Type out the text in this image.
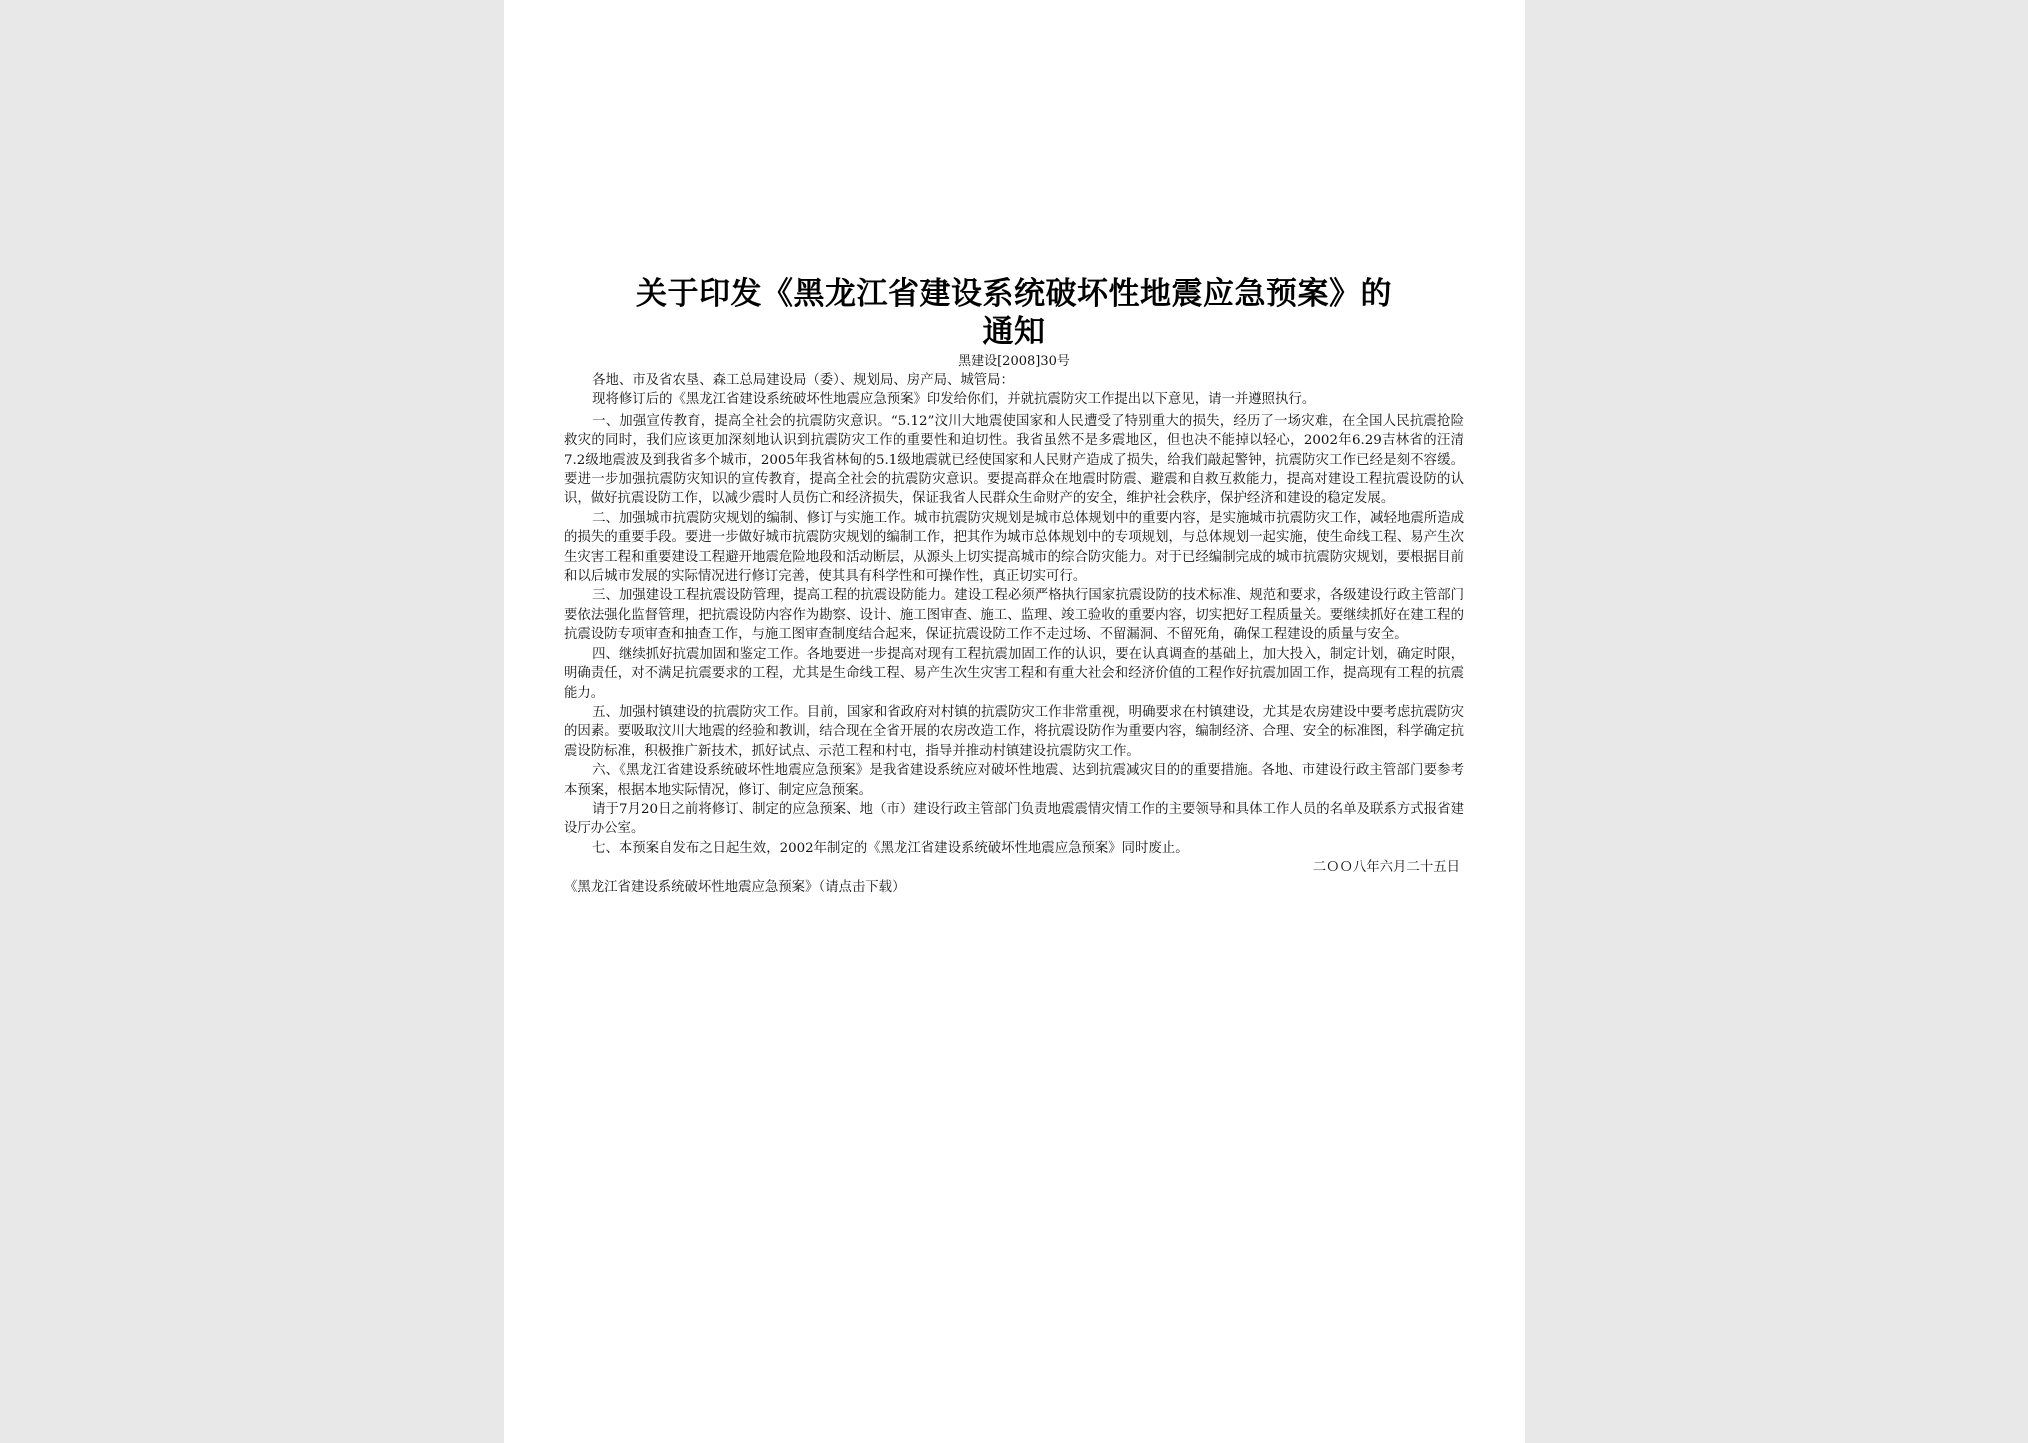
关于印发《黑龙江省建设系统破坏性地震应急预案》的
通知

黑建设[2008]30号

各地、市及省农垦、森工总局建设局（委）、规划局、房产局、城管局：

现将修订后的《黑龙江省建设系统破坏性地震应急预案》印发给你们，并就抗震防灾工作提出以下意见，请一并遵照执行。

一、加强宣传教育，提高全社会的抗震防灾意识。“5.12”汶川大地震使国家和人民遭受了特别重大的损失，经历了一场灾难，在全国人民抗震抢险救灾的同时，我们应该更加深刻地认识到抗震防灾工作的重要性和迫切性。我省虽然不是多震地区，但也决不能掉以轻心，2002年6.29吉林省的汪清7.2级地震波及到我省多个城市，2005年我省林甸的5.1级地震就已经使国家和人民财产造成了损失，给我们敲起警钟，抗震防灾工作已经是刻不容缓。要进一步加强抗震防灾知识的宣传教育，提高全社会的抗震防灾意识。要提高群众在地震时防震、避震和自救互救能力，提高对建设工程抗震设防的认识，做好抗震设防工作，以减少震时人员伤亡和经济损失，保证我省人民群众生命财产的安全，维护社会秩序，保护经济和建设的稳定发展。

二、加强城市抗震防灾规划的编制、修订与实施工作。城市抗震防灾规划是城市总体规划中的重要内容，是实施城市抗震防灾工作，减轻地震所造成的损失的重要手段。要进一步做好城市抗震防灾规划的编制工作，把其作为城市总体规划中的专项规划，与总体规划一起实施，使生命线工程、易产生次生灾害工程和重要建设工程避开地震危险地段和活动断层，从源头上切实提高城市的综合防灾能力。对于已经编制完成的城市抗震防灾规划，要根据目前和以后城市发展的实际情况进行修订完善，使其具有科学性和可操作性，真正切实可行。

三、加强建设工程抗震设防管理，提高工程的抗震设防能力。建设工程必须严格执行国家抗震设防的技术标准、规范和要求，各级建设行政主管部门要依法强化监督管理，把抗震设防内容作为勘察、设计、施工图审查、施工、监理、竣工验收的重要内容，切实把好工程质量关。要继续抓好在建工程的抗震设防专项审查和抽查工作，与施工图审查制度结合起来，保证抗震设防工作不走过场、不留漏洞、不留死角，确保工程建设的质量与安全。

四、继续抓好抗震加固和鉴定工作。各地要进一步提高对现有工程抗震加固工作的认识，要在认真调查的基础上，加大投入，制定计划，确定时限，明确责任，对不满足抗震要求的工程，尤其是生命线工程、易产生次生灾害工程和有重大社会和经济价值的工程作好抗震加固工作，提高现有工程的抗震能力。

五、加强村镇建设的抗震防灾工作。目前，国家和省政府对村镇的抗震防灾工作非常重视，明确要求在村镇建设，尤其是农房建设中要考虑抗震防灾的因素。要吸取汶川大地震的经验和教训，结合现在全省开展的农房改造工作，将抗震设防作为重要内容，编制经济、合理、安全的标准图，科学确定抗震设防标准，积极推广新技术，抓好试点、示范工程和村屯，指导并推动村镇建设抗震防灾工作。

六、《黑龙江省建设系统破坏性地震应急预案》是我省建设系统应对破坏性地震、达到抗震减灾目的的重要措施。各地、市建设行政主管部门要参考本预案，根据本地实际情况，修订、制定应急预案。

请于7月20日之前将修订、制定的应急预案、地（市）建设行政主管部门负责地震震情灾情工作的主要领导和具体工作人员的名单及联系方式报省建设厅办公室。

七、本预案自发布之日起生效，2002年制定的《黑龙江省建设系统破坏性地震应急预案》同时废止。

二ＯＯ八年六月二十五日

《黑龙江省建设系统破坏性地震应急预案》（请点击下载）
